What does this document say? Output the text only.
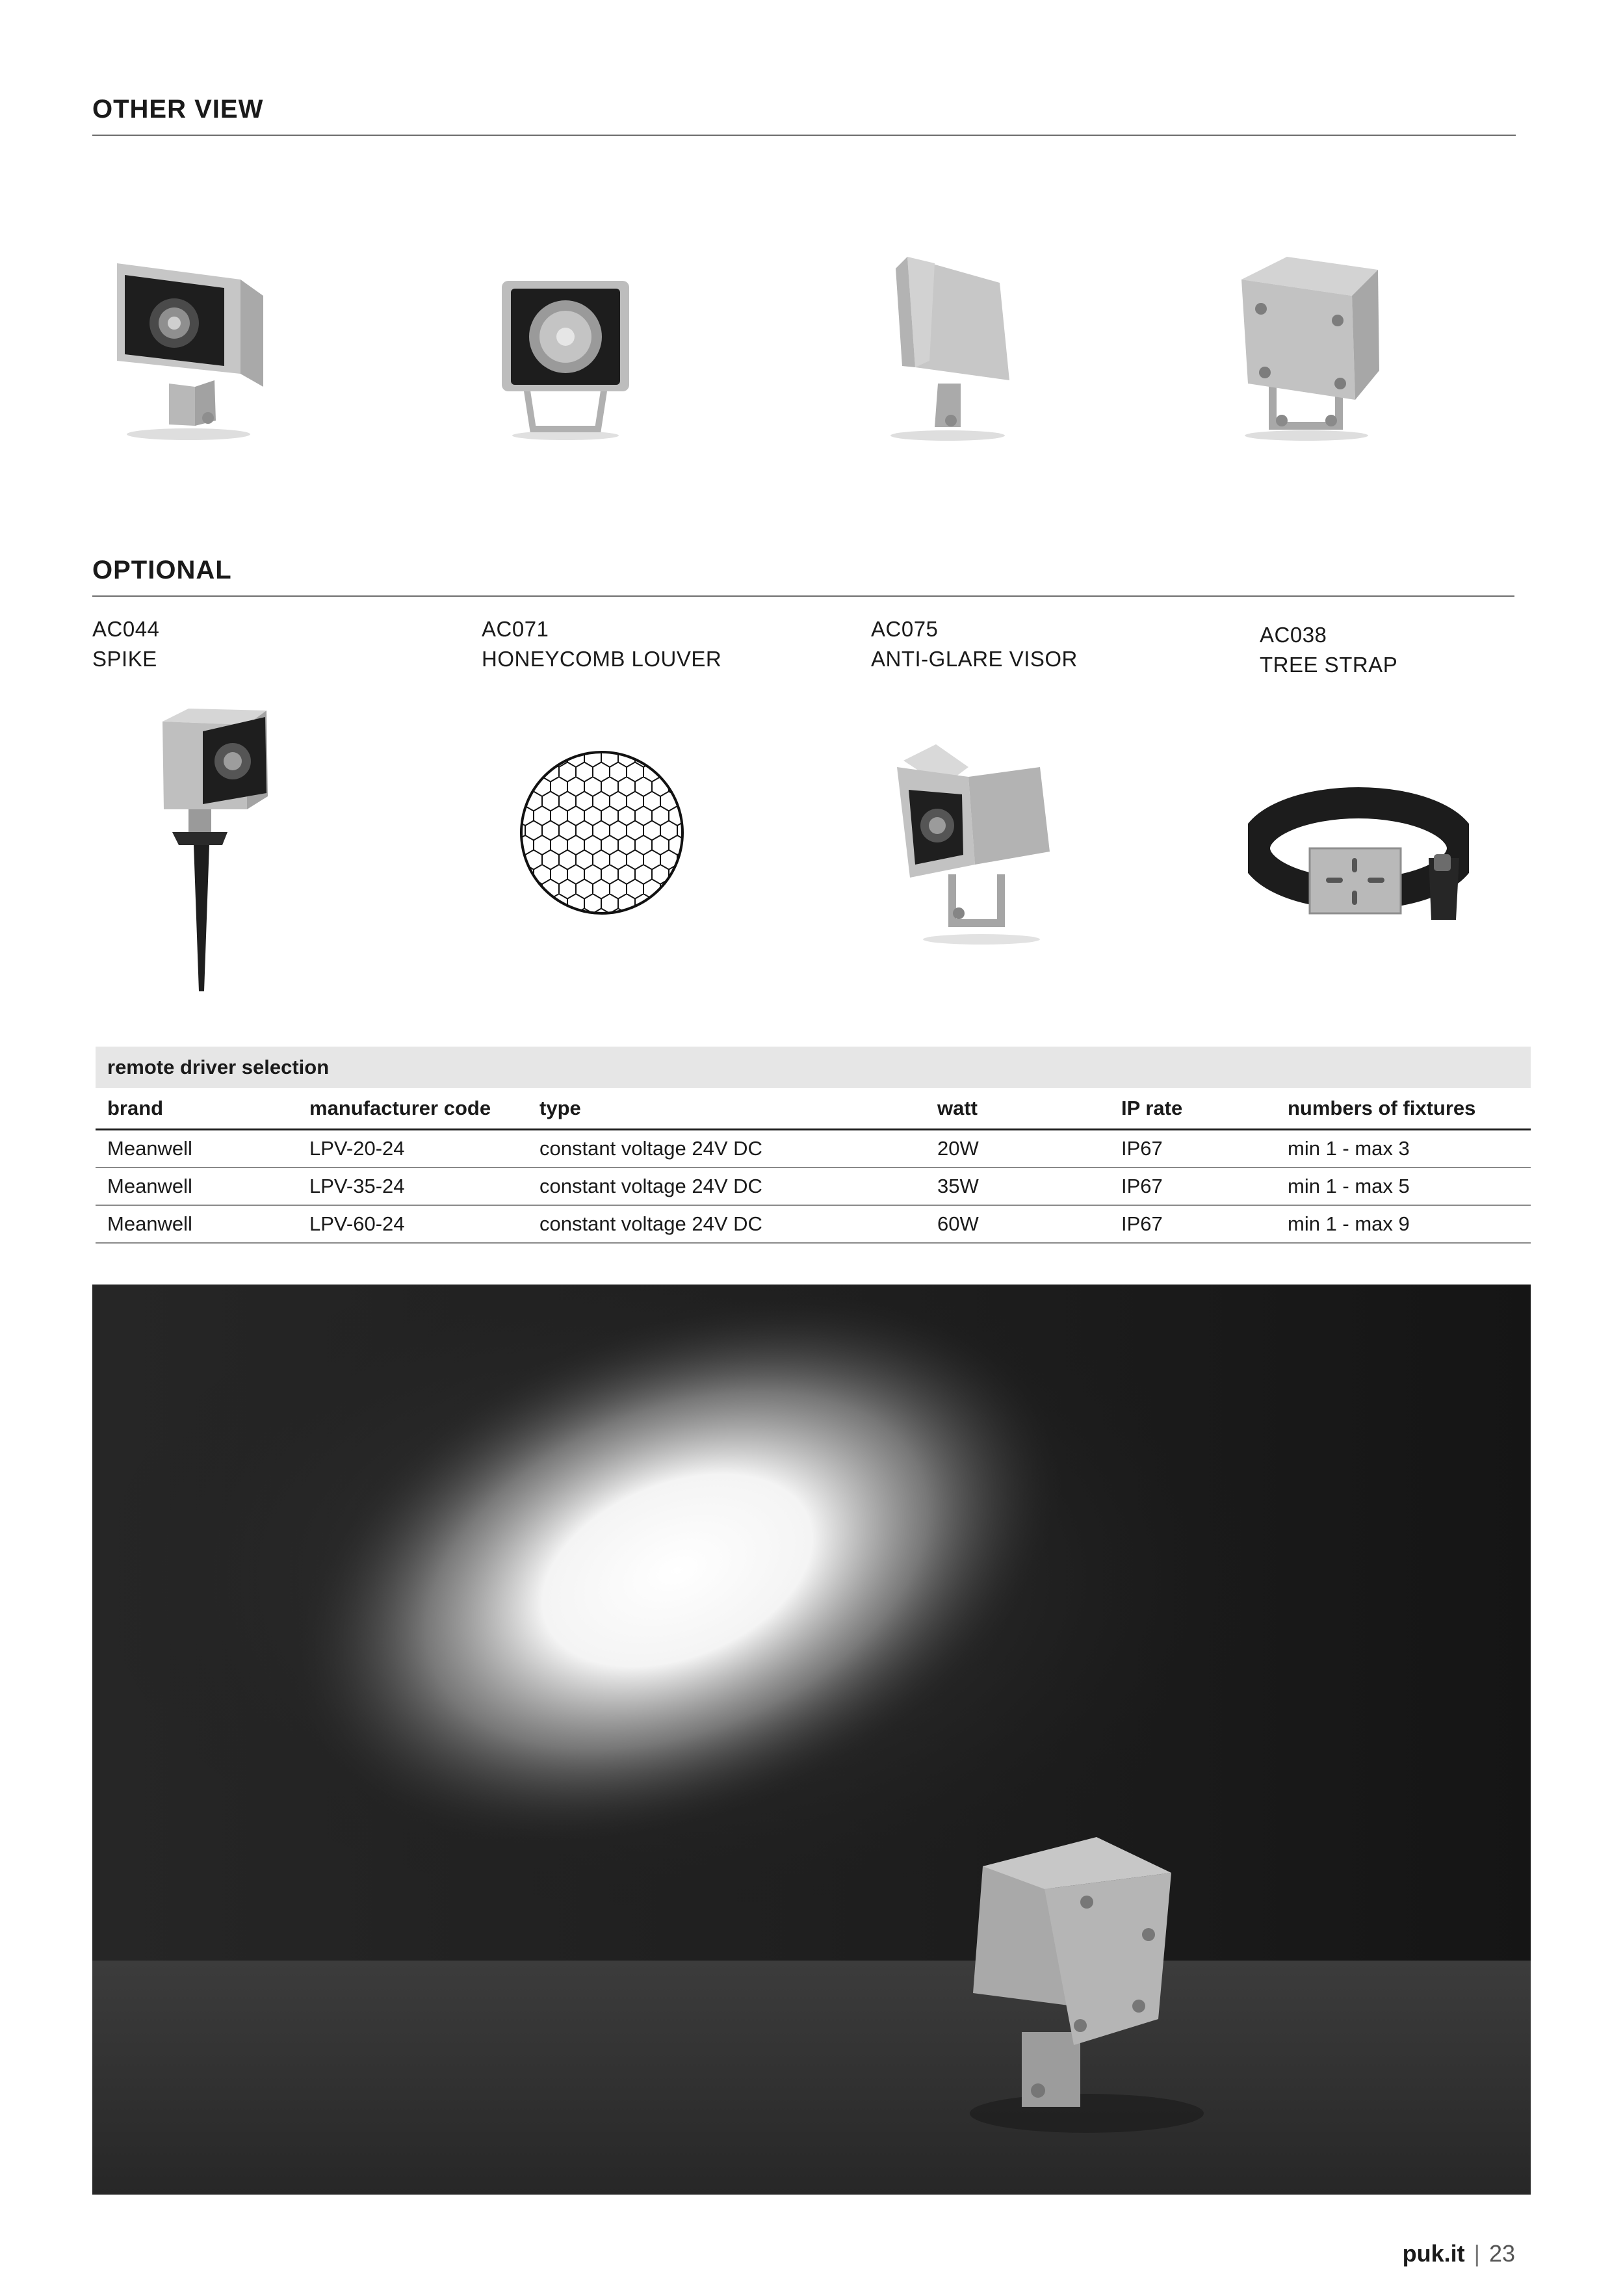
OTHER VIEW
OPTIONAL
AC044
SPIKE
AC071
HONEYCOMB LOUVER
AC075
ANTI-GLARE VISOR
AC038
TREE STRAP
remote driver selection					
brand	manufacturer code	type	watt	IP rate	numbers of fixtures
Meanwell	LPV-20-24	constant voltage 24V DC	20W	IP67	min 1 - max 3
Meanwell	LPV-35-24	constant voltage 24V DC	35W	IP67	min 1 - max 5
Meanwell	LPV-60-24	constant voltage 24V DC	60W	IP67	min 1 - max 9
puk.it | 23
